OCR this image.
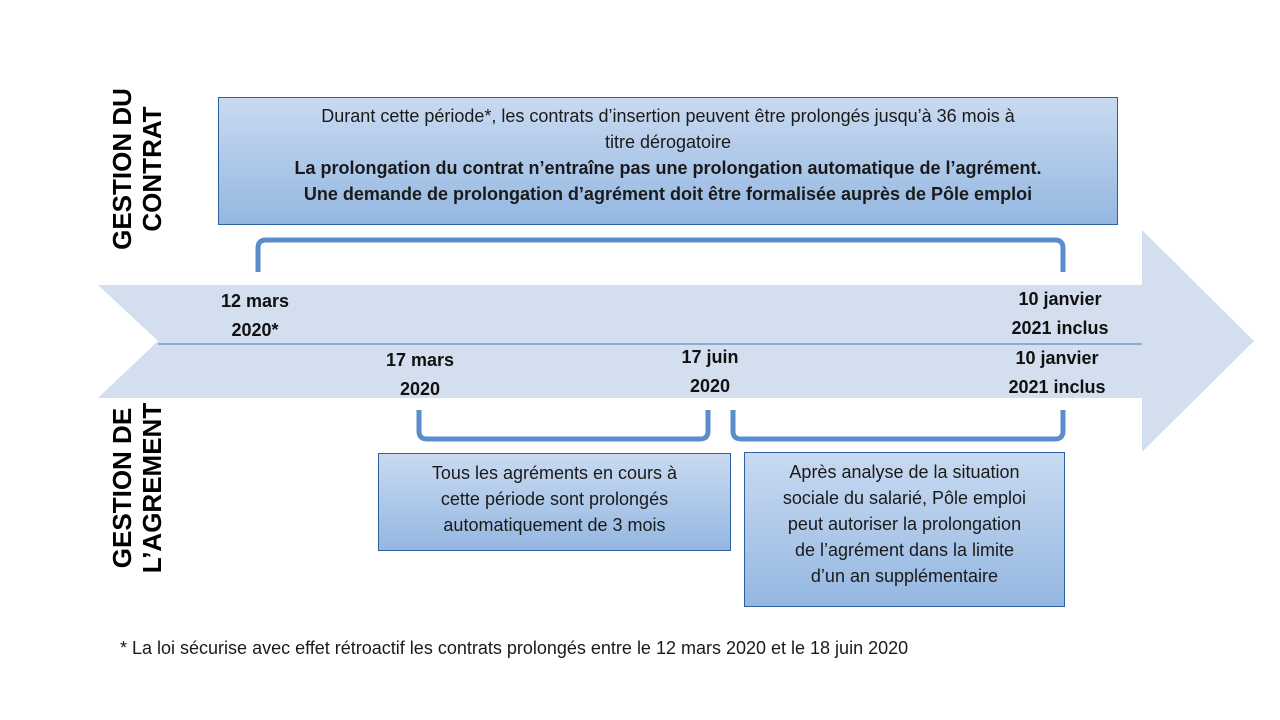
GESTION DU CONTRAT
GESTION DE L’AGREMENT
Durant cette période*, les contrats d’insertion peuvent être prolongés jusqu’à 36 mois à
titre dérogatoire
La prolongation du contrat n’entraîne pas une prolongation automatique de l’agrément.
Une demande de prolongation d’agrément doit être formalisée auprès de Pôle emploi
12 mars
2020*
10 janvier
2021 inclus
17 mars
2020
17 juin
2020
10 janvier
2021 inclus
Tous les agréments en cours à
cette période sont prolongés
automatiquement de 3 mois
Après analyse de la situation
sociale du salarié, Pôle emploi
peut autoriser la prolongation
de l’agrément dans la limite
d’un an supplémentaire
* La loi sécurise avec effet rétroactif les contrats prolongés entre le 12 mars 2020 et le 18 juin 2020
